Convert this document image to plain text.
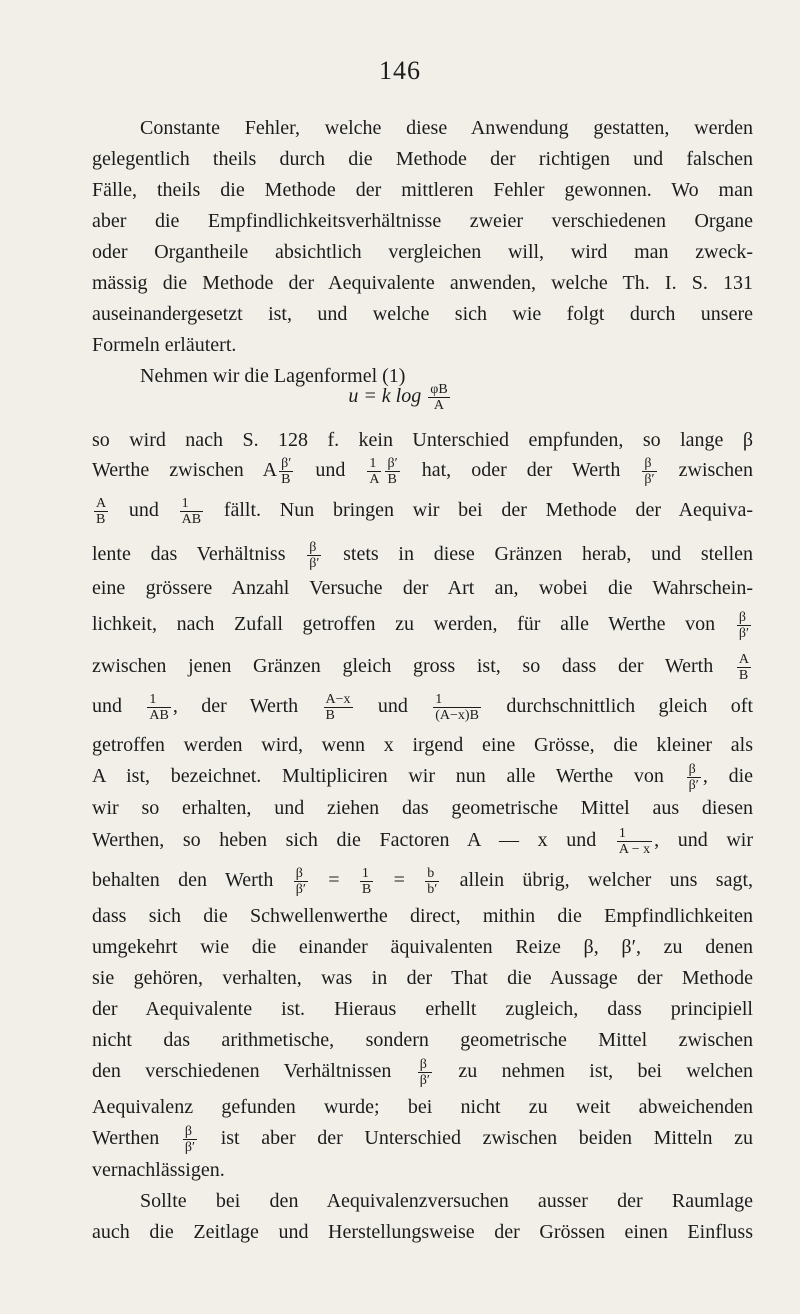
146
Constante Fehler, welche diese Anwendung gestatten, werden
gelegentlich theils durch die Methode der richtigen und falschen
Fälle, theils die Methode der mittleren Fehler gewonnen. Wo man
aber die Empfindlichkeitsverhältnisse zweier verschiedenen Organe
oder Organtheile absichtlich vergleichen will, wird man zweck-
mässig die Methode der Aequivalente anwenden, welche Th. I. S. 131
auseinandergesetzt ist, und welche sich wie folgt durch unsere
Formeln erläutert.
Nehmen wir die Lagenformel (1)
u = k $\log \frac{\varphi B}{A}$
so wird nach S. 128 f. kein Unterschied empfunden, so lange β
Werthe zwischen A $\frac{\beta'}{B}$ und $\frac{1}{A} \frac{\beta'}{B}$ hat, oder der Werth $\frac{\beta}{\beta'}$ zwischen
$\frac{A}{B}$ und $\frac{1}{AB}$ fällt. Nun bringen wir bei der Methode der Aequiva-
lente das Verhältniss $\frac{\beta}{\beta'}$ stets in diese Gränzen herab, und stellen
eine grössere Anzahl Versuche der Art an, wobei die Wahrschein-
lichkeit, nach Zufall getroffen zu werden, für alle Werthe von $\frac{\beta}{\beta'}$
zwischen jenen Gränzen gleich gross ist, so dass der Werth $\frac{A}{B}$
und $\frac{1}{AB}$ , der Werth $\frac{A-x}{B}$ und $\frac{1}{(A-x)B}$ durchschnittlich gleich oft
getroffen werden wird, wenn x irgend eine Grösse, die kleiner als
A ist, bezeichnet. Multipliciren wir nun alle Werthe von $\frac{\beta}{\beta'}$ , die
wir so erhalten, und ziehen das geometrische Mittel aus diesen
Werthen, so heben sich die Factoren A — x und $\frac{1}{A - x}$ , und wir
behalten den Werth $\frac{\beta}{\beta'} = \frac{1}{B} = \frac{b}{b'}$ allein übrig, welcher uns sagt,
dass sich die Schwellenwerthe direct, mithin die Empfindlichkeiten
umgekehrt wie die einander äquivalenten Reize β, β′, zu denen
sie gehören, verhalten, was in der That die Aussage der Methode
der Aequivalente ist. Hieraus erhellt zugleich, dass principiell
nicht das arithmetische, sondern geometrische Mittel zwischen
den verschiedenen Verhältnissen $\frac{\beta}{\beta'}$ zu nehmen ist, bei welchen
Aequivalenz gefunden wurde; bei nicht zu weit abweichenden
Werthen $\frac{\beta}{\beta'}$ ist aber der Unterschied zwischen beiden Mitteln zu
vernachlässigen.
Sollte bei den Aequivalenzversuchen ausser der Raumlage
auch die Zeitlage und Herstellungsweise der Grössen einen Einfluss
